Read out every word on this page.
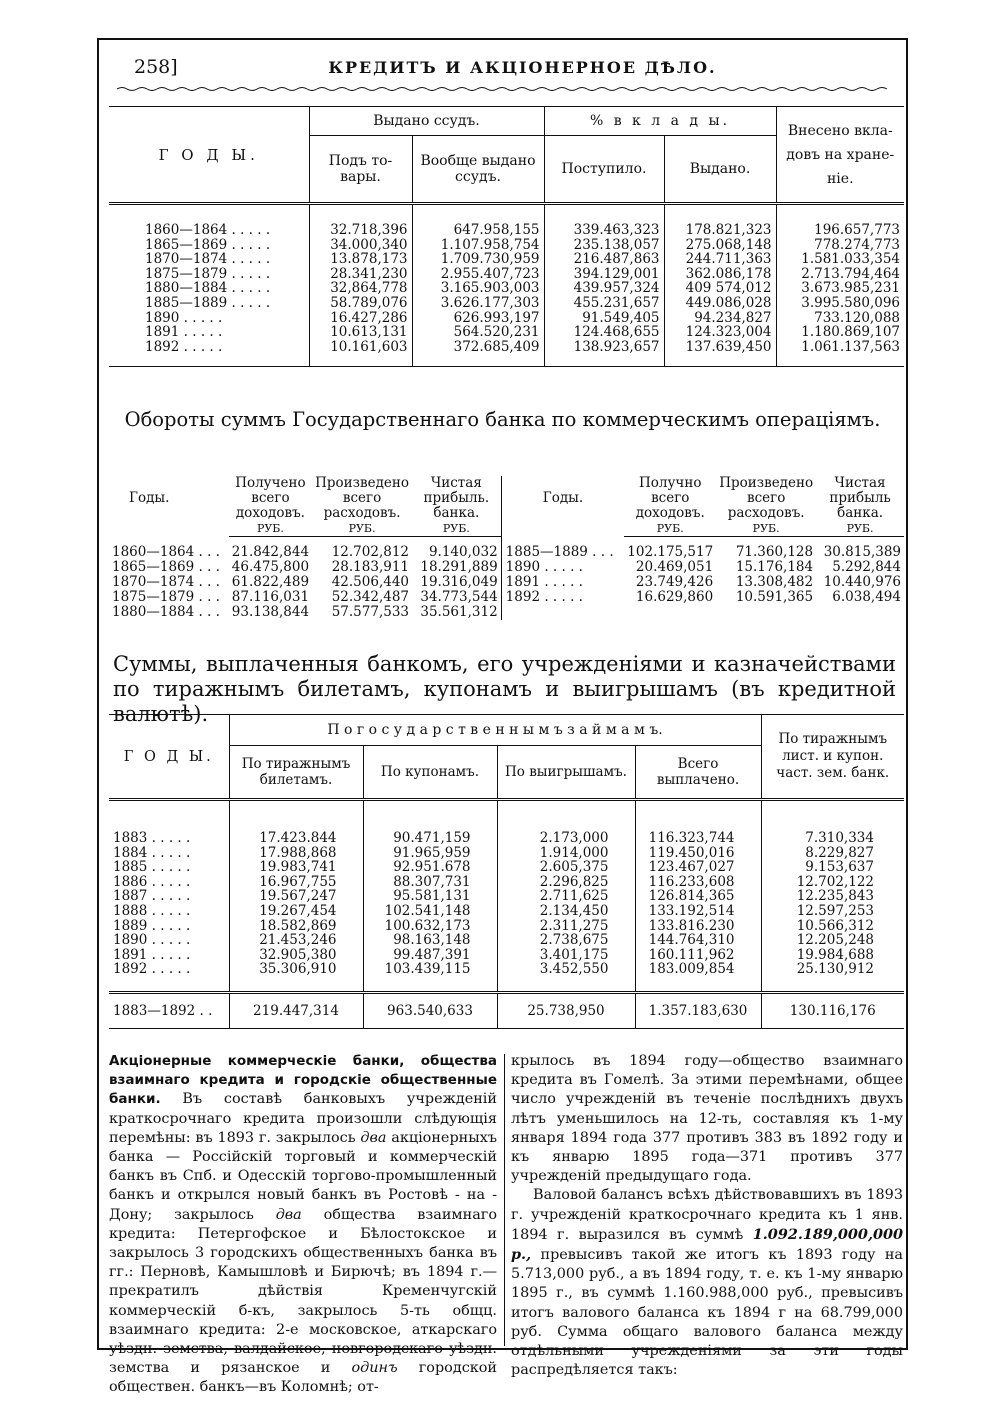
258]	КРЕДИТЪ И АКЦІОНЕРНОЕ ДѢЛО.
Г О Д Ы.	Выдано ссудъ.		% в к л а д ы.		Внесено вкла-довъ на хране-ніе.
	Подъ то-вары.	Вообще выдано ссудъ.	Поступило.	Выдано.	
1860—1864 . . . . .	32.718,396	647.958,155	339.463,323	178.821,323	196.657,773
1865—1869 . . . . .	34.000,340	1.107.958,754	235.138,057	275.068,148	778.274,773
1870—1874 . . . . .	13.878,173	1.709.730,959	216.487,863	244.711,363	1.581.033,354
1875—1879 . . . . .	28.341,230	2.955.407,723	394.129,001	362.086,178	2.713.794,464
1880—1884 . . . . .	32,864,778	3.165.903,003	439.957,324	409 574,012	3.673.985,231
1885—1889 . . . . .	58.789,076	3.626.177,303	455.231,657	449.086,028	3.995.580,096
1890 . . . . .	16.427,286	626.993,197	91.549,405	94.234,827	733.120,088
1891 . . . . .	10.613,131	564.520,231	124.468,655	124.323,004	1.180.869,107
1892 . . . . .	10.161,603	372.685,409	138.923,657	137.639,450	1.061.137,563

Обороты суммъ Государственнаго банка по коммерческимъ операціямъ.
Годы.	Получено всего доходовъ.	Произведено всего расходовъ.	Чистая прибыль. банка.	Годы.	Получно всего доходовъ.	Произведено всего расходовъ.	Чистая прибыль банка.
	РУБ.	РУБ.	РУБ.		РУБ.	РУБ.	РУБ.
1860—1864 . . .	21.842,844	12.702,812	9.140,032	1885—1889 . . .	102.175,517	71.360,128	30.815,389
1865—1869 . . .	46.475,800	28.183,911	18.291,889	1890 . . . . .	20.469,051	15.176,184	5.292,844
1870—1874 . . .	61.822,489	42.506,440	19.316,049	1891 . . . . .	23.749,426	13.308,482	10.440,976
1875—1879 . . .	87.116,031	52.342,487	34.773,544	1892 . . . . .	16.629,860	10.591,365	6.038,494
1880—1884 . . .	93.138,844	57.577,533	35.561,312				
Суммы, выплаченныя банкомъ, его учрежденіями и казначействами по тиражнымъ билетамъ, купонамъ и выигрышамъ (въ кредитной валютѣ).
Г О Д Ы.	П о г о с у д а р с т в е н н ы м ъ з а й м а м ъ.				По тиражнымъ лист. и купон. част. зем. банк.
	По тиражнымъ билетамъ.	По купонамъ.	По выигрышамъ.	Всего выплачено.	
1883 . . . . .	17.423.844	90.471,159	2.173,000	116.323,744	7.310,334
1884 . . . . .	17.988,868	91.965,959	1.914,000	119.450,016	8.229,827
1885 . . . . .	19.983,741	92.951.678	2.605,375	123.467,027	9.153,637
1886 . . . . .	16.967,755	88.307,731	2.296,825	116.233,608	12.702,122
1887 . . . . .	19.567,247	95.581,131	2.711,625	126.814,365	12.235,843
1888 . . . . .	19.267,454	102.541,148	2.134,450	133.192,514	12.597,253
1889 . . . . .	18.582,869	100.632,173	2.311,275	133.816.230	10.566,312
1890 . . . . .	21.453,246	98.163,148	2.738,675	144.764,310	12.205,248
1891 . . . . .	32.905,380	99.487,391	3.401,175	160.111,962	19.984,688
1892 . . . . .	35.306,910	103.439,115	3.452,550	183.009,854	25.130,912

1883—1892 . .	219.447,314	963.540,633	25.738,950	1.357.183,630	130.116,176
Акціонерные коммерческіе банки, общества взаимнаго кредита и городскіе общественные банки. Въ составѣ банковыхъ учрежденій краткосрочнаго кредита произошли слѣдующія перемѣны: въ 1893 г. закрылось два акціонерныхъ банка — Россійскій торговый и коммерческій банкъ въ Спб. и Одесскій торгово-промышленный банкъ и открылся новый банкъ въ Ростовѣ - на - Дону; закрылось два общества взаимнаго кредита: Петергофское и Бѣлостокское и закрылось 3 городскихъ общественныхъ банка въ гг.: Перновѣ, Камышловѣ и Бирючѣ; въ 1894 г.—прекратилъ дѣйствія Кременчугскій коммерческій б-къ, закрылось 5-ть общц. взаимнаго кредита: 2-е московское, аткарскаго уѣздн. земства, валдайское, новгородскаго уѣздн. земства и рязанское и одинъ городской обществен. банкъ—въ Коломнѣ; от-
крылось въ 1894 году—общество взаимнаго кредита въ Гомелѣ. За этими перемѣнами, общее число учрежденій въ теченіе послѣднихъ двухъ лѣтъ уменьшилось на 12-ть, составляя къ 1-му января 1894 года 377 противъ 383 въ 1892 году и къ январю 1895 года—371 противъ 377 учрежденій предыдущаго года.
Валовой балансъ всѣхъ дѣйствовавшихъ въ 1893 г. учрежденій краткосрочнаго кредита къ 1 янв. 1894 г. выразился въ суммѣ 1.092.189,000,000 р., превысивъ такой же итогъ къ 1893 году на 5.713,000 руб., а въ 1894 году, т. е. къ 1-му январю 1895 г., въ суммѣ 1.160.988,000 руб., превысивъ итогъ валового баланса къ 1894 г на 68.799,000 руб. Сумма общаго валового баланса между отдѣльными учрежденіями за эти годы распредѣляется такъ:
